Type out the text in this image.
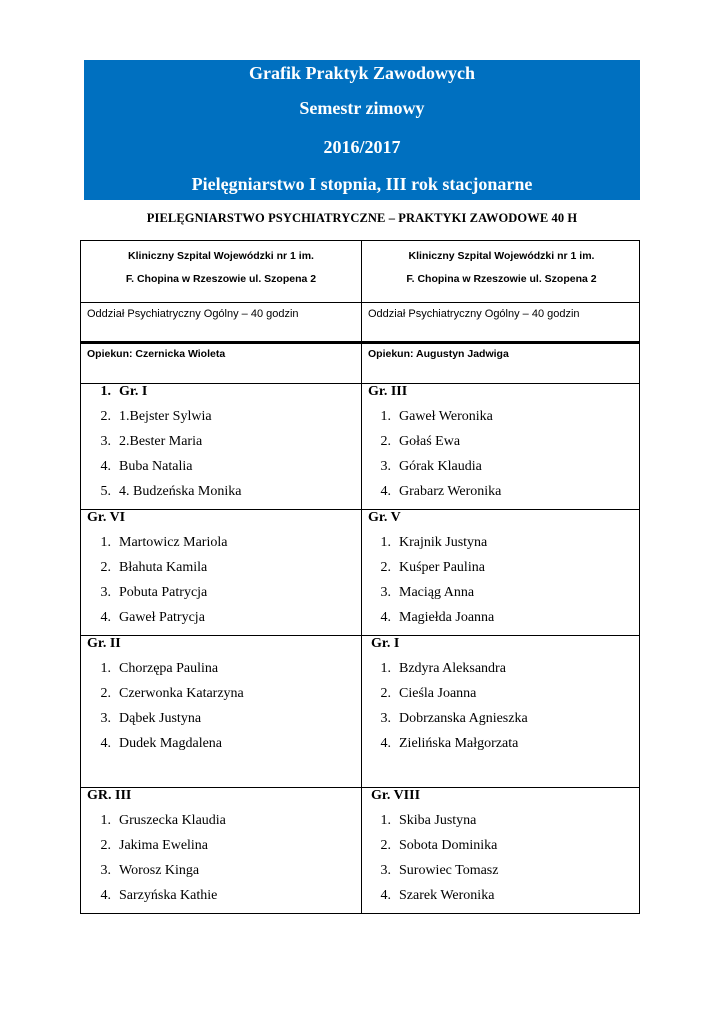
Grafik Praktyk Zawodowych
Semestr zimowy
2016/2017
Pielęgniarstwo I stopnia, III rok stacjonarne
PIELĘGNIARSTWO PSYCHIATRYCZNE – PRAKTYKI ZAWODOWE 40 H
Kliniczny Szpital Wojewódzki nr 1 im.
F. Chopina w Rzeszowie ul. Szopena 2
Kliniczny Szpital Wojewódzki nr 1 im.
F. Chopina w Rzeszowie ul. Szopena 2
Oddział Psychiatryczny Ogólny – 40 godzin	Oddział Psychiatryczny Ogólny – 40 godzin
Opiekun: Czernicka Wioleta	Opiekun: Augustyn Jadwiga
1. Gr. I
2. 1.Bejster Sylwia
3. 2.Bester Maria
4. Buba Natalia
5. 4. Budzeńska Monika
Gr. III
1. Gaweł Weronika
2. Gołaś Ewa
3. Górak Klaudia
4. Grabarz Weronika
Gr. VI
1. Martowicz Mariola
2. Błahuta Kamila
3. Pobuta Patrycja
4. Gaweł Patrycja
Gr. V
1. Krajnik Justyna
2. Kuśper Paulina
3. Maciąg Anna
4. Magiełda Joanna
Gr. II
1. Chorzępa Paulina
2. Czerwonka Katarzyna
3. Dąbek Justyna
4. Dudek Magdalena
Gr. I
1. Bzdyra Aleksandra
2. Cieśla Joanna
3. Dobrzanska Agnieszka
4. Zielińska Małgorzata
GR. III
1. Gruszecka Klaudia
2. Jakima Ewelina
3. Worosz Kinga
4. Sarzyńska Kathie
Gr. VIII
1. Skiba Justyna
2. Sobota Dominika
3. Surowiec Tomasz
4. Szarek Weronika
